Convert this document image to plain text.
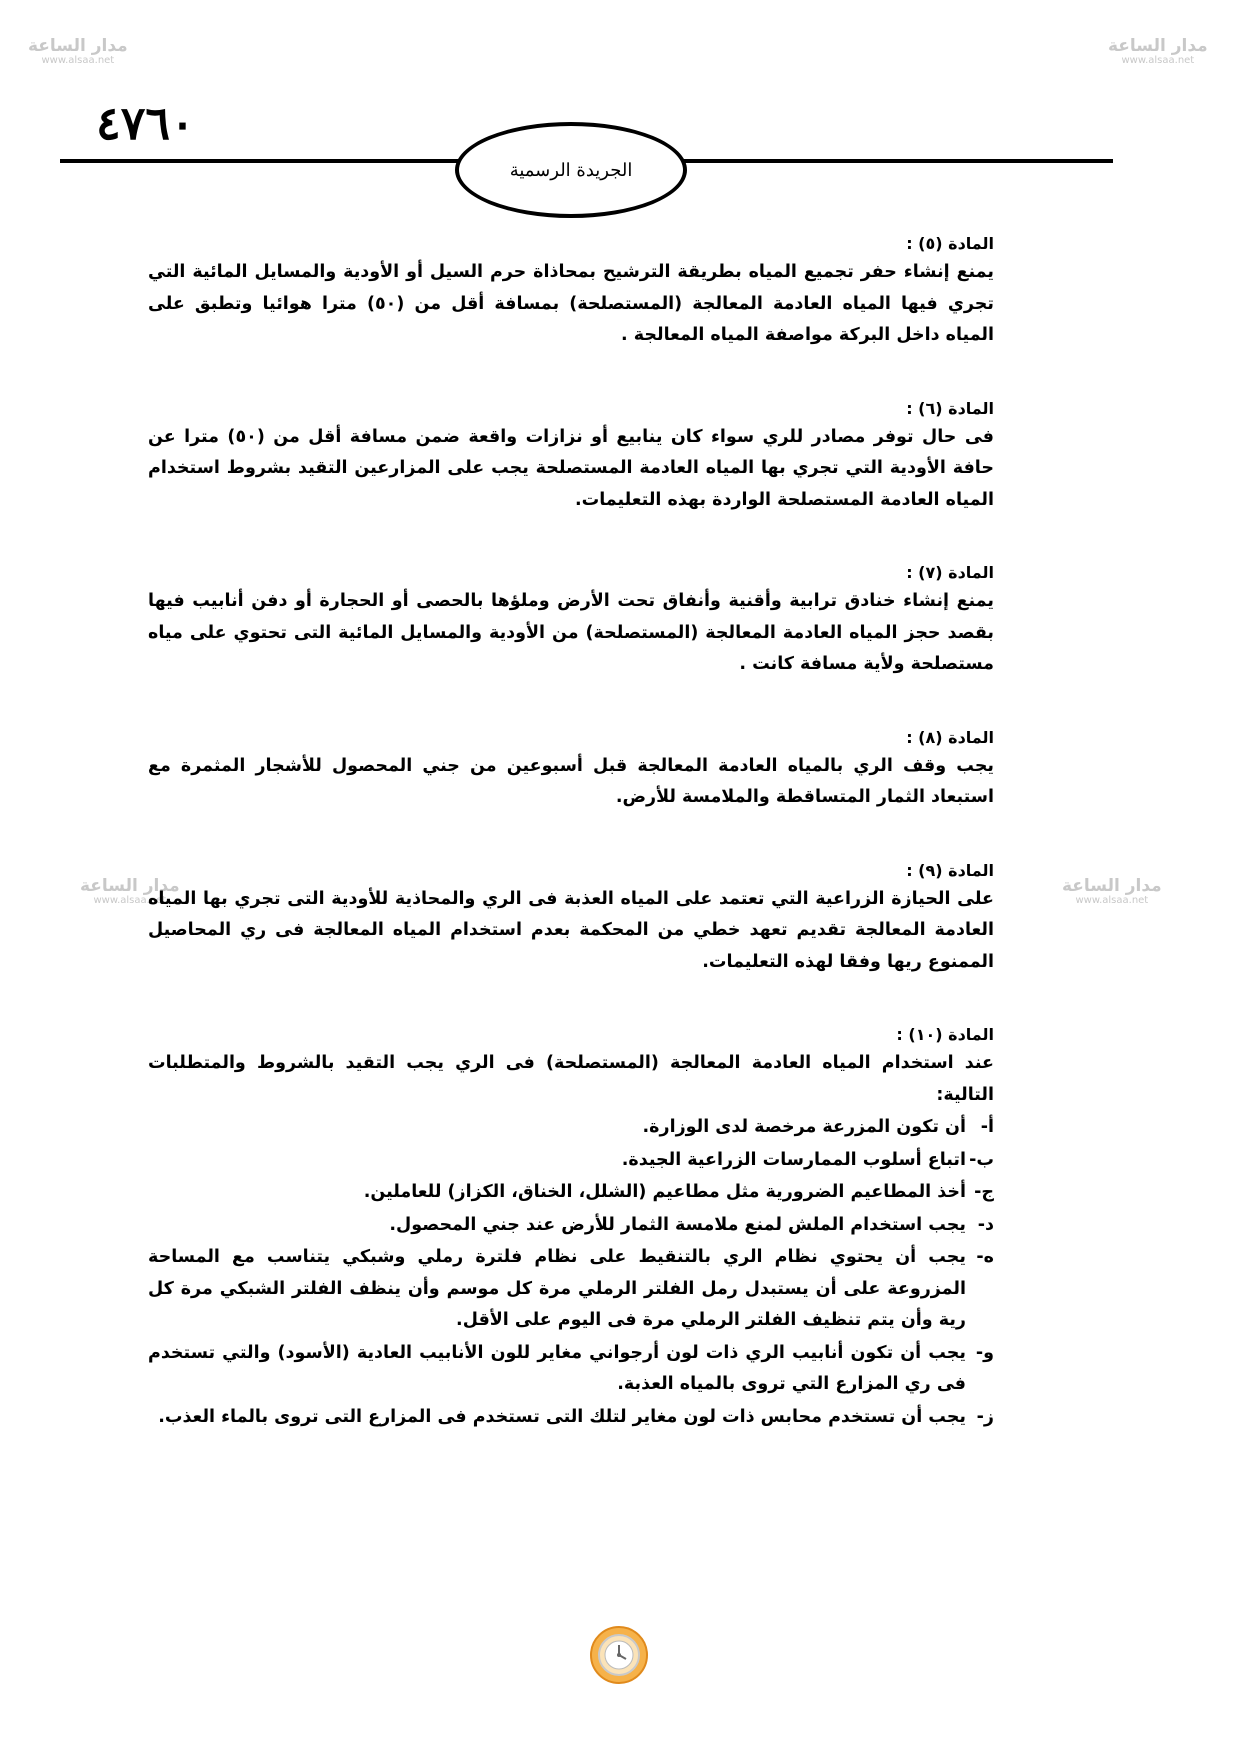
مدار الساعة
www.alsaa.net
مدار الساعة
www.alsaa.net
مدار الساعة
www.alsaa.net
مدار الساعة
www.alsaa.net
٤٧٦٠
الجريدة الرسمية
المادة (٥) :
يمنع إنشاء حفر تجميع المياه بطريقة الترشيح بمحاذاة حرم السيل أو الأودية والمسايل المائية التي تجري فيها المياه العادمة المعالجة (المستصلحة) بمسافة أقل من (٥٠) مترا هوائيا وتطبق على المياه داخل البركة مواصفة المياه المعالجة .
المادة (٦) :
فى حال توفر مصادر للري سواء كان ينابيع أو نزازات واقعة ضمن مسافة أقل من (٥٠) مترا عن حافة الأودية التي تجري بها المياه العادمة المستصلحة يجب على المزارعين التقيد بشروط استخدام المياه العادمة المستصلحة الواردة بهذه التعليمات.
المادة (٧) :
يمنع إنشاء خنادق ترابية وأقنية وأنفاق تحت الأرض وملؤها بالحصى أو الحجارة أو دفن أنابيب فيها بقصد حجز المياه العادمة المعالجة (المستصلحة) من الأودية والمسايل المائية التى تحتوي على مياه مستصلحة ولأية مسافة كانت .
المادة (٨) :
يجب وقف الري بالمياه العادمة المعالجة قبل أسبوعين من جني المحصول للأشجار المثمرة مع استبعاد الثمار المتساقطة والملامسة للأرض.
المادة (٩) :
على الحيازة الزراعية التي تعتمد على المياه العذبة فى الري والمحاذية للأودية التى تجري بها المياه العادمة المعالجة تقديم تعهد خطي من المحكمة بعدم استخدام المياه المعالجة فى ري المحاصيل الممنوع ريها وفقا لهذه التعليمات.
المادة (١٠) :
عند استخدام المياه العادمة المعالجة (المستصلحة) فى الري يجب التقيد بالشروط والمتطلبات التالية:
أ-
أن تكون المزرعة مرخصة لدى الوزارة.
ب-
اتباع أسلوب الممارسات الزراعية الجيدة.
ج-
أخذ المطاعيم الضرورية مثل مطاعيم (الشلل، الخناق، الكزاز) للعاملين.
د-
يجب استخدام الملش لمنع ملامسة الثمار للأرض عند جني المحصول.
ه-
يجب أن يحتوي نظام الري بالتنقيط على نظام فلترة رملي وشبكي يتناسب مع المساحة المزروعة على أن يستبدل رمل الفلتر الرملي مرة كل موسم وأن ينظف الفلتر الشبكي مرة كل رية وأن يتم تنظيف الفلتر الرملي مرة فى اليوم على الأقل.
و-
يجب أن تكون أنابيب الري ذات لون أرجواني مغاير للون الأنابيب العادية (الأسود) والتي تستخدم فى ري المزارع التي تروى بالمياه العذبة.
ز-
يجب أن تستخدم محابس ذات لون مغاير لتلك التى تستخدم فى المزارع التى تروى بالماء العذب.
